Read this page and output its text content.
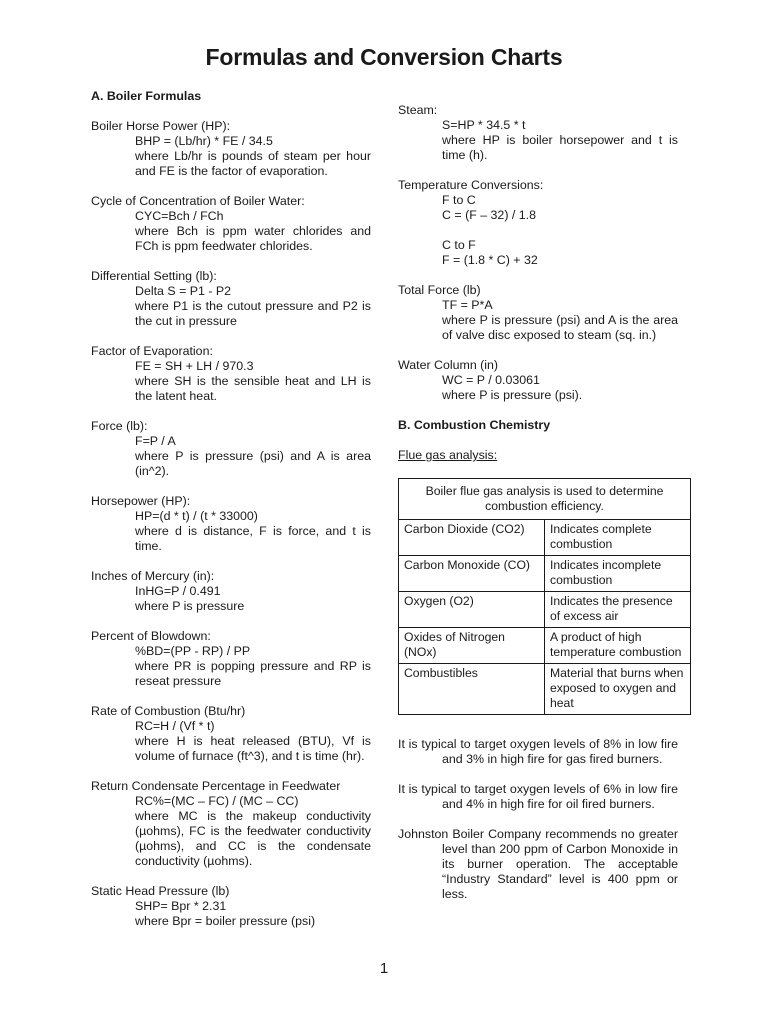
Formulas and Conversion Charts

A. Boiler Formulas

Boiler Horse Power (HP):

BHP = (Lb/hr) * FE / 34.5

where Lb/hr is pounds of steam per hour and FE is the factor of evaporation.

Cycle of Concentration of Boiler Water:

CYC=Bch / FCh

where Bch is ppm water chlorides and FCh is ppm feedwater chlorides.

Differential Setting (lb):

Delta S = P1 - P2

where P1 is the cutout pressure and P2 is the cut in pressure

Factor of Evaporation:

FE = SH + LH / 970.3

where SH is the sensible heat and LH is the latent heat.

Force (lb):

F=P / A

where P is pressure (psi) and A is area (in^2).

Horsepower (HP):

HP=(d * t) / (t * 33000)

where d is distance, F is force, and t is time.

Inches of Mercury (in):

InHG=P / 0.491

where P is pressure

Percent of Blowdown:

%BD=(PP - RP) / PP

where PR is popping pressure and RP is reseat pressure

Rate of Combustion (Btu/hr)

RC=H / (Vf * t)

where H is heat released (BTU), Vf is volume of furnace (ft^3), and t is time (hr).

Return Condensate Percentage in Feedwater

RC%=(MC – FC) / (MC – CC)

where MC is the makeup conductivity (µohms), FC is the feedwater conductivity (µohms), and CC is the condensate conductivity (µohms).

Static Head Pressure (lb)

SHP= Bpr * 2.31

where Bpr = boiler pressure (psi)

Steam:

S=HP * 34.5 * t

where HP is boiler horsepower and t is time (h).

Temperature Conversions:

F to C

C = (F – 32) / 1.8

C to F

F = (1.8 * C) + 32

Total Force (lb)

TF = P*A

where P is pressure (psi) and A is the area of valve disc exposed to steam (sq. in.)

Water Column (in)

WC = P / 0.03061

where P is pressure (psi).

B. Combustion Chemistry

Flue gas analysis:

Boiler flue gas analysis is used to determine combustion efficiency.	
Carbon Dioxide (CO2)	Indicates complete combustion
Carbon Monoxide (CO)	Indicates incomplete combustion
Oxygen (O2)	Indicates the presence of excess air
Oxides of Nitrogen (NOx)	A product of high temperature combustion
Combustibles	Material that burns when exposed to oxygen and heat

It is typical to target oxygen levels of 8% in low fire and 3% in high fire for gas fired burners.

It is typical to target oxygen levels of 6% in low fire and 4% in high fire for oil fired burners.

Johnston Boiler Company recommends no greater level than 200 ppm of Carbon Monoxide in its burner operation. The acceptable “Industry Standard” level is 400 ppm or less.

1
